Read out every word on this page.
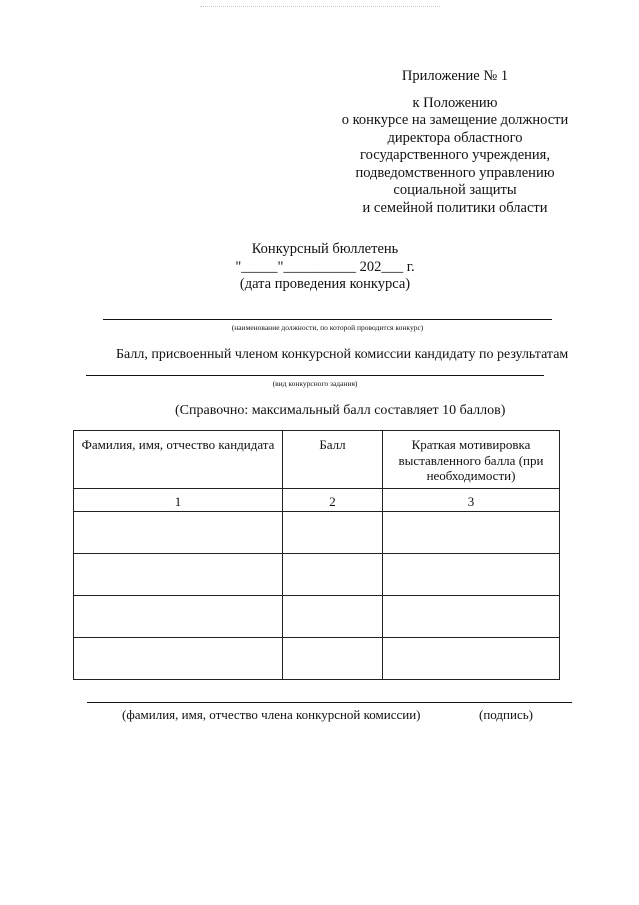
Приложение № 1
к Положению
о конкурсе на замещение должности
директора областного
государственного учреждения,
подведомственного управлению
социальной защиты
и семейной политики области
Конкурсный бюллетень
"_____"__________ 202___ г.
(дата проведения конкурса)
(наименование должности, по которой проводится конкурс)
Балл, присвоенный членом конкурсной комиссии кандидату по результатам
(вид конкурсного задания)
(Справочно: максимальный балл составляет 10 баллов)
Фамилия, имя, отчество кандидата	Балл	Краткая мотивировка выставленного балла (при необходимости)
1	2	3

(фамилия, имя, отчество члена конкурсной комиссии)	(подпись)
